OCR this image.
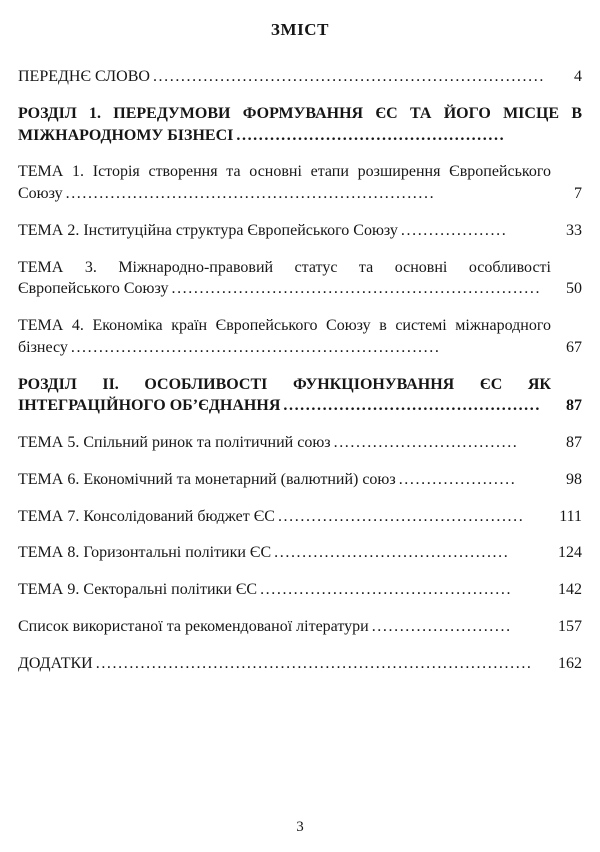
ЗМІСТ
ПЕРЕДНЄ СЛОВО ......................................................................	4
РОЗДІЛ 1. ПЕРЕДУМОВИ ФОРМУВАННЯ ЄС ТА ЙОГО МІСЦЕ В МІЖНАРОДНОМУ БІЗНЕСІ ................................................
ТЕМА 1. Історія створення та основні етапи розширення Європейського Союзу ..................................................................	7
ТЕМА 2. Інституційна структура Європейського Союзу ...................	33
ТЕМА 3. Міжнародно-правовий статус та основні особливості Європейського Союзу ..................................................................	50
ТЕМА 4. Економіка країн Європейського Союзу в системі міжнародного бізнесу ..................................................................	67
РОЗДІЛ ІІ. ОСОБЛИВОСТІ ФУНКЦІОНУВАННЯ ЄС ЯК ІНТЕГРАЦІЙНОГО ОБ’ЄДНАННЯ ..............................................	87
ТЕМА 5. Спільний ринок та політичний союз .................................	87
ТЕМА 6. Економічний та монетарний (валютний) союз .....................	98
ТЕМА 7. Консолідований бюджет ЄС ............................................	111
ТЕМА 8. Горизонтальні політики ЄС ..........................................	124
ТЕМА 9. Секторальні політики ЄС .............................................	142
Список використаної та рекомендованої літератури .........................	157
ДОДАТКИ ..............................................................................	162
3
